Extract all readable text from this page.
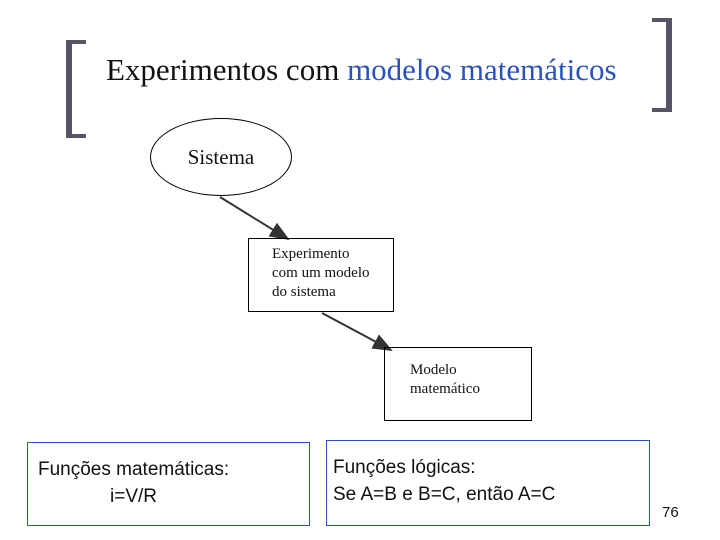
Experimentos com modelos matemáticos
Sistema
Experimento
com um modelo
do sistema
Modelo
matemático
Funções matemáticas:
i=V/R
Funções lógicas:
Se A=B e B=C, então A=C
76
